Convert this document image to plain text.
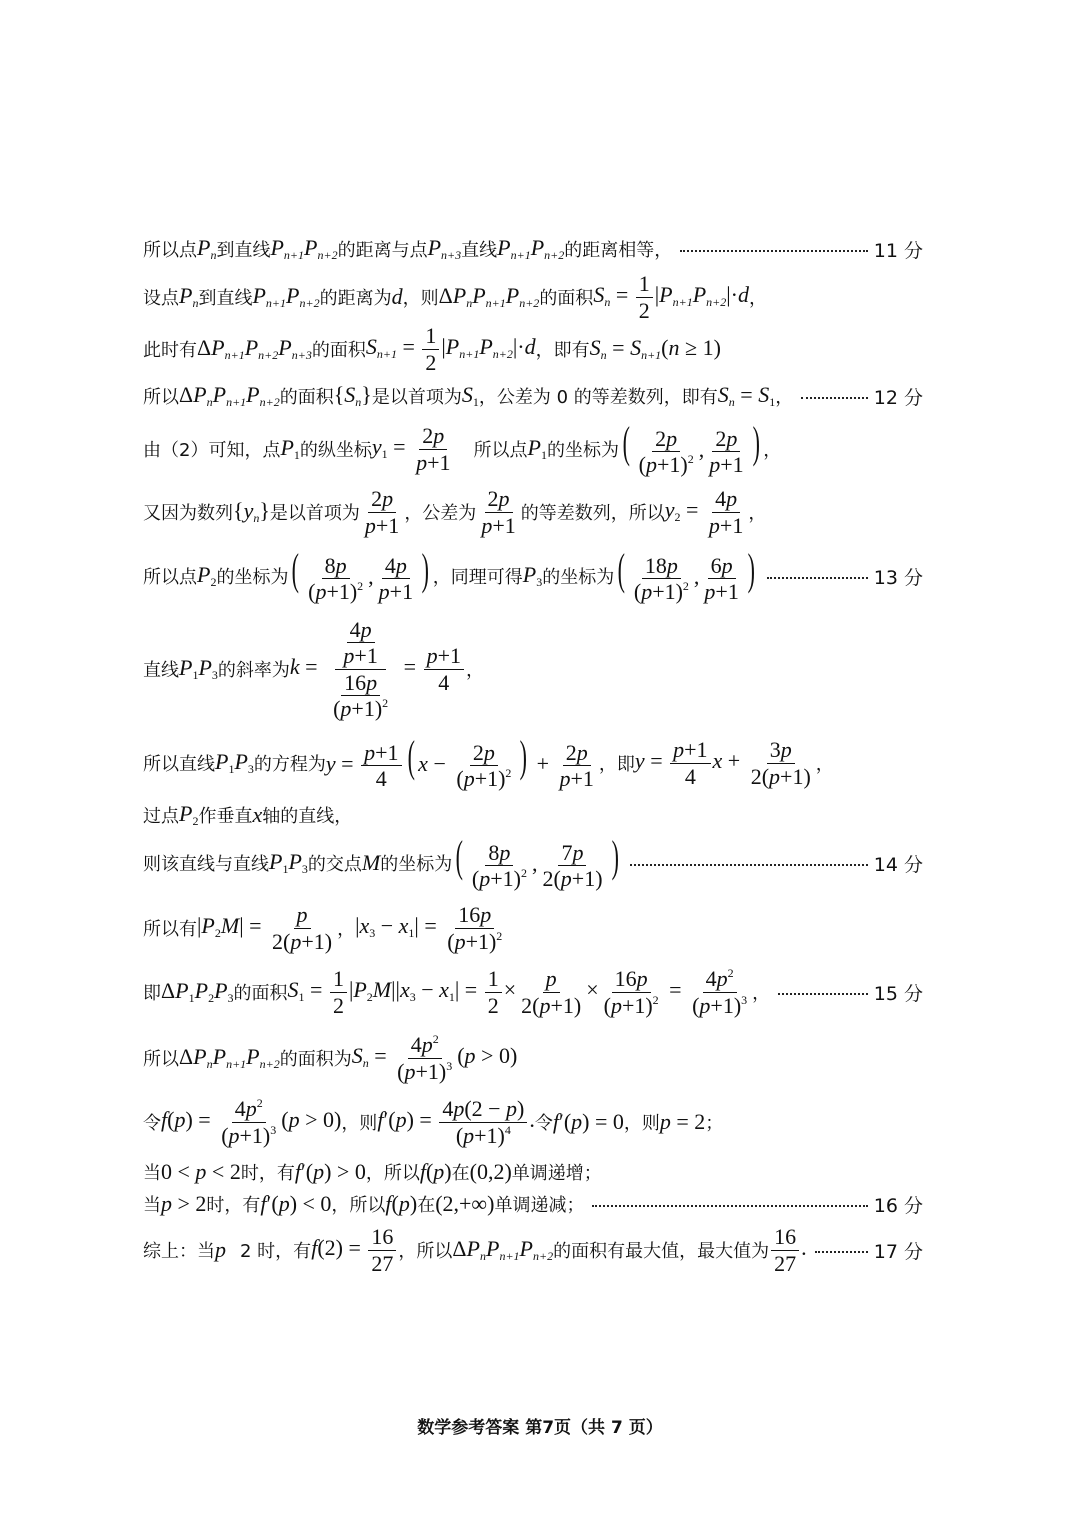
所以点 $P_n$ 到直线 $P_{n+1}P_{n+2}$ 的距离与点 $P_{n+3}$ 直线 $P_{n+1}P_{n+2}$ 的距离相等，	11 分
设点 $P_n$ 到直线 $P_{n+1}P_{n+2}$ 的距离为 d ，则 $\Delta P_nP_{n+1}P_{n+2}$ 的面积 $S_n = \frac{1}{2} |P_{n+1}P_{n+2}|\cdot d$ ，
此时有 $\Delta P_{n+1}P_{n+2}P_{n+3}$ 的面积 $S_{n+1} = \frac{1}{2} |P_{n+1}P_{n+2}|\cdot d$ ，即有 $S_n = S_{n+1}(n \ge 1)$
所以 $\Delta P_nP_{n+1}P_{n+2}$ 的面积 $\{S_n\}$ 是以首项为 $S_1$ ，公差为 0 的等差数列，即有 $S_n = S_1$ ，	12 分
由（2）可知，点 $P_1$ 的纵坐标 $y_1 = \frac{2p}{p+1}$ 所以点 $P_1$ 的坐标为 ( $\frac{2p}{(p+1)^2}$ , $\frac{2p}{p+1}$ ) ，
又因为数列 $\{y_n\}$ 是以首项为 $\frac{2p}{p+1}$ ，公差为 $\frac{2p}{p+1}$ 的等差数列，所以 $y_2 = \frac{4p}{p+1}$ ，
所以点 $P_2$ 的坐标为 ( $\frac{8p}{(p+1)^2}$ , $\frac{4p}{p+1}$ ) ，同理可得 $P_3$ 的坐标为 ( $\frac{18p}{(p+1)^2}$ , $\frac{6p}{p+1}$ )	13 分
直线 $P_1P_3$ 的斜率为 $k = \frac{\frac{4p}{p+1}}{\frac{16p}{(p+1)^2}} = \frac{p+1}{4}$ ，
所以直线 $P_1P_3$ 的方程为 $y = \frac{p+1}{4}$ ( $x - \frac{2p}{(p+1)^2}$ ) + $\frac{2p}{p+1}$ ，即 $y = \frac{p+1}{4}$ $x + \frac{3p}{2(p+1)}$ ，
过点 $P_2$ 作垂直 x 轴的直线，
则该直线与直线 $P_1P_3$ 的交点 M 的坐标为 ( $\frac{8p}{(p+1)^2}$ , $\frac{7p}{2(p+1)}$ )	14 分
所以有 $|P_2M| = \frac{p}{2(p+1)}$ ， $|x_3 - x_1| = \frac{16p}{(p+1)^2}$
即 $\Delta P_1P_2P_3$ 的面积 $S_1 = \frac{1}{2} |P_2M||x_3 - x_1| = \frac{1}{2} \times \frac{p}{2(p+1)} \times \frac{16p}{(p+1)^2} = \frac{4p^2}{(p+1)^3}$ ，	15 分
所以 $\Delta P_nP_{n+1}P_{n+2}$ 的面积为 $S_n = \frac{4p^2}{(p+1)^3} (p > 0)$
令 $f(p) = \frac{4p^2}{(p+1)^3} (p > 0)$ ，则 $f'(p) = \frac{4p(2 - p)}{(p+1)^4}$ . 令 f′(p) = 0 ，则 p = 2 ；
当 0 < p < 2 时，有 f′(p) > 0 ，所以 f(p) 在 (0,2) 单调递增；
当 p > 2 时，有 f′(p) < 0 ，所以 f(p) 在 (2,+∞) 单调递减；	16 分
综上：当 p 2 时，有 $f(2) = \frac{16}{27}$ ，所以 $\Delta P_nP_{n+1}P_{n+2}$ 的面积有最大值，最大值为 $\frac{16}{27}$ .	17 分
数学参考答案 第7页（共 7 页）
